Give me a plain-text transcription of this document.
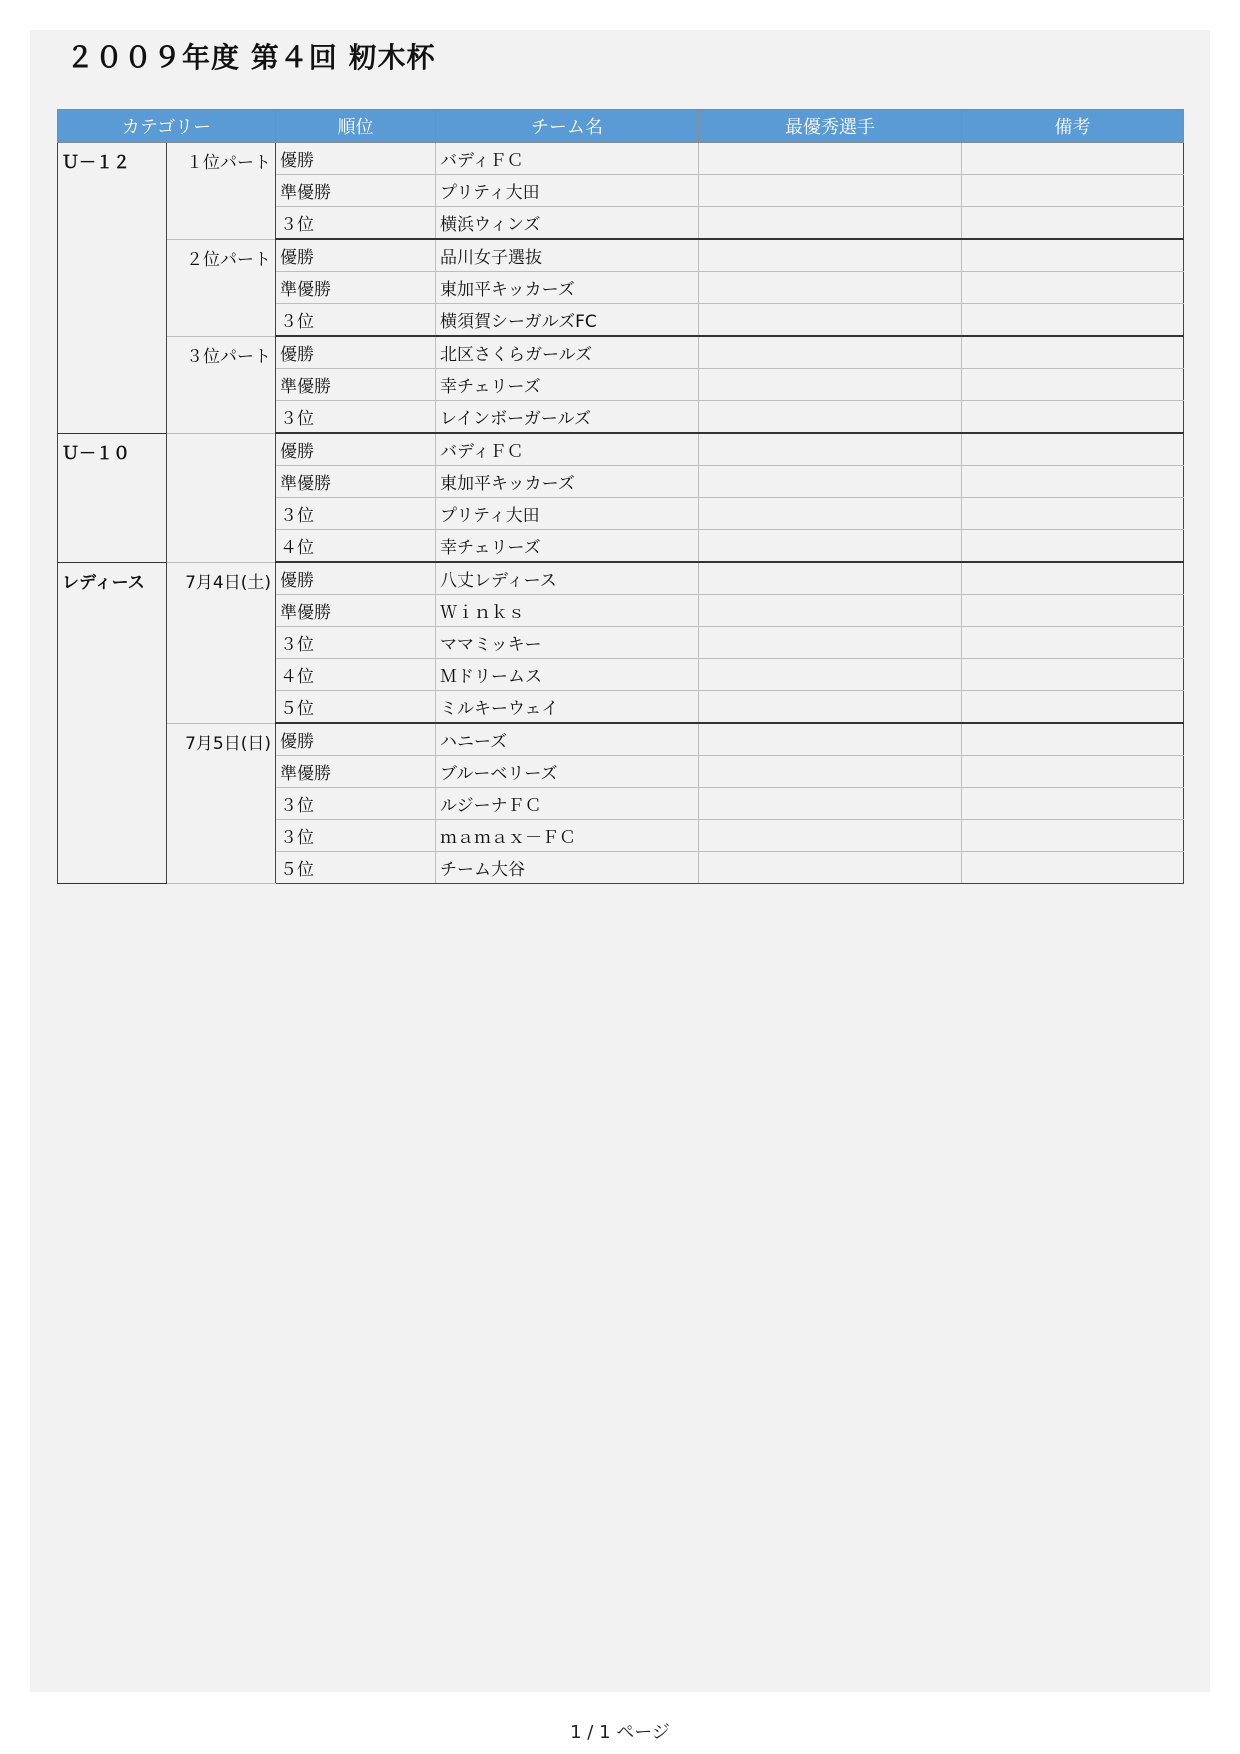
２００９年度 第４回 籾木杯
カテゴリー		順位	チーム名	最優秀選手	備考
Ｕ－１２	１位パート	優勝	バディＦＣ		
		準優勝	プリティ大田		
		３位	横浜ウィンズ		
	２位パート	優勝	品川女子選抜		
		準優勝	東加平キッカーズ		
		３位	横須賀シーガルズFC		
	３位パート	優勝	北区さくらガールズ		
		準優勝	幸チェリーズ		
		３位	レインボーガールズ		
Ｕ－１０		優勝	バディＦＣ		
		準優勝	東加平キッカーズ		
		３位	プリティ大田		
		４位	幸チェリーズ		
レディース	7月4日(土)	優勝	八丈レディース		
		準優勝	Ｗｉｎｋｓ		
		３位	ママミッキー		
		４位	Ｍドリームス		
		５位	ミルキーウェイ		
	7月5日(日)	優勝	ハニーズ		
		準優勝	ブルーベリーズ		
		３位	ルジーナＦＣ		
		３位	ｍａｍａｘ－ＦＣ		
		５位	チーム大谷		
1 / 1 ページ
